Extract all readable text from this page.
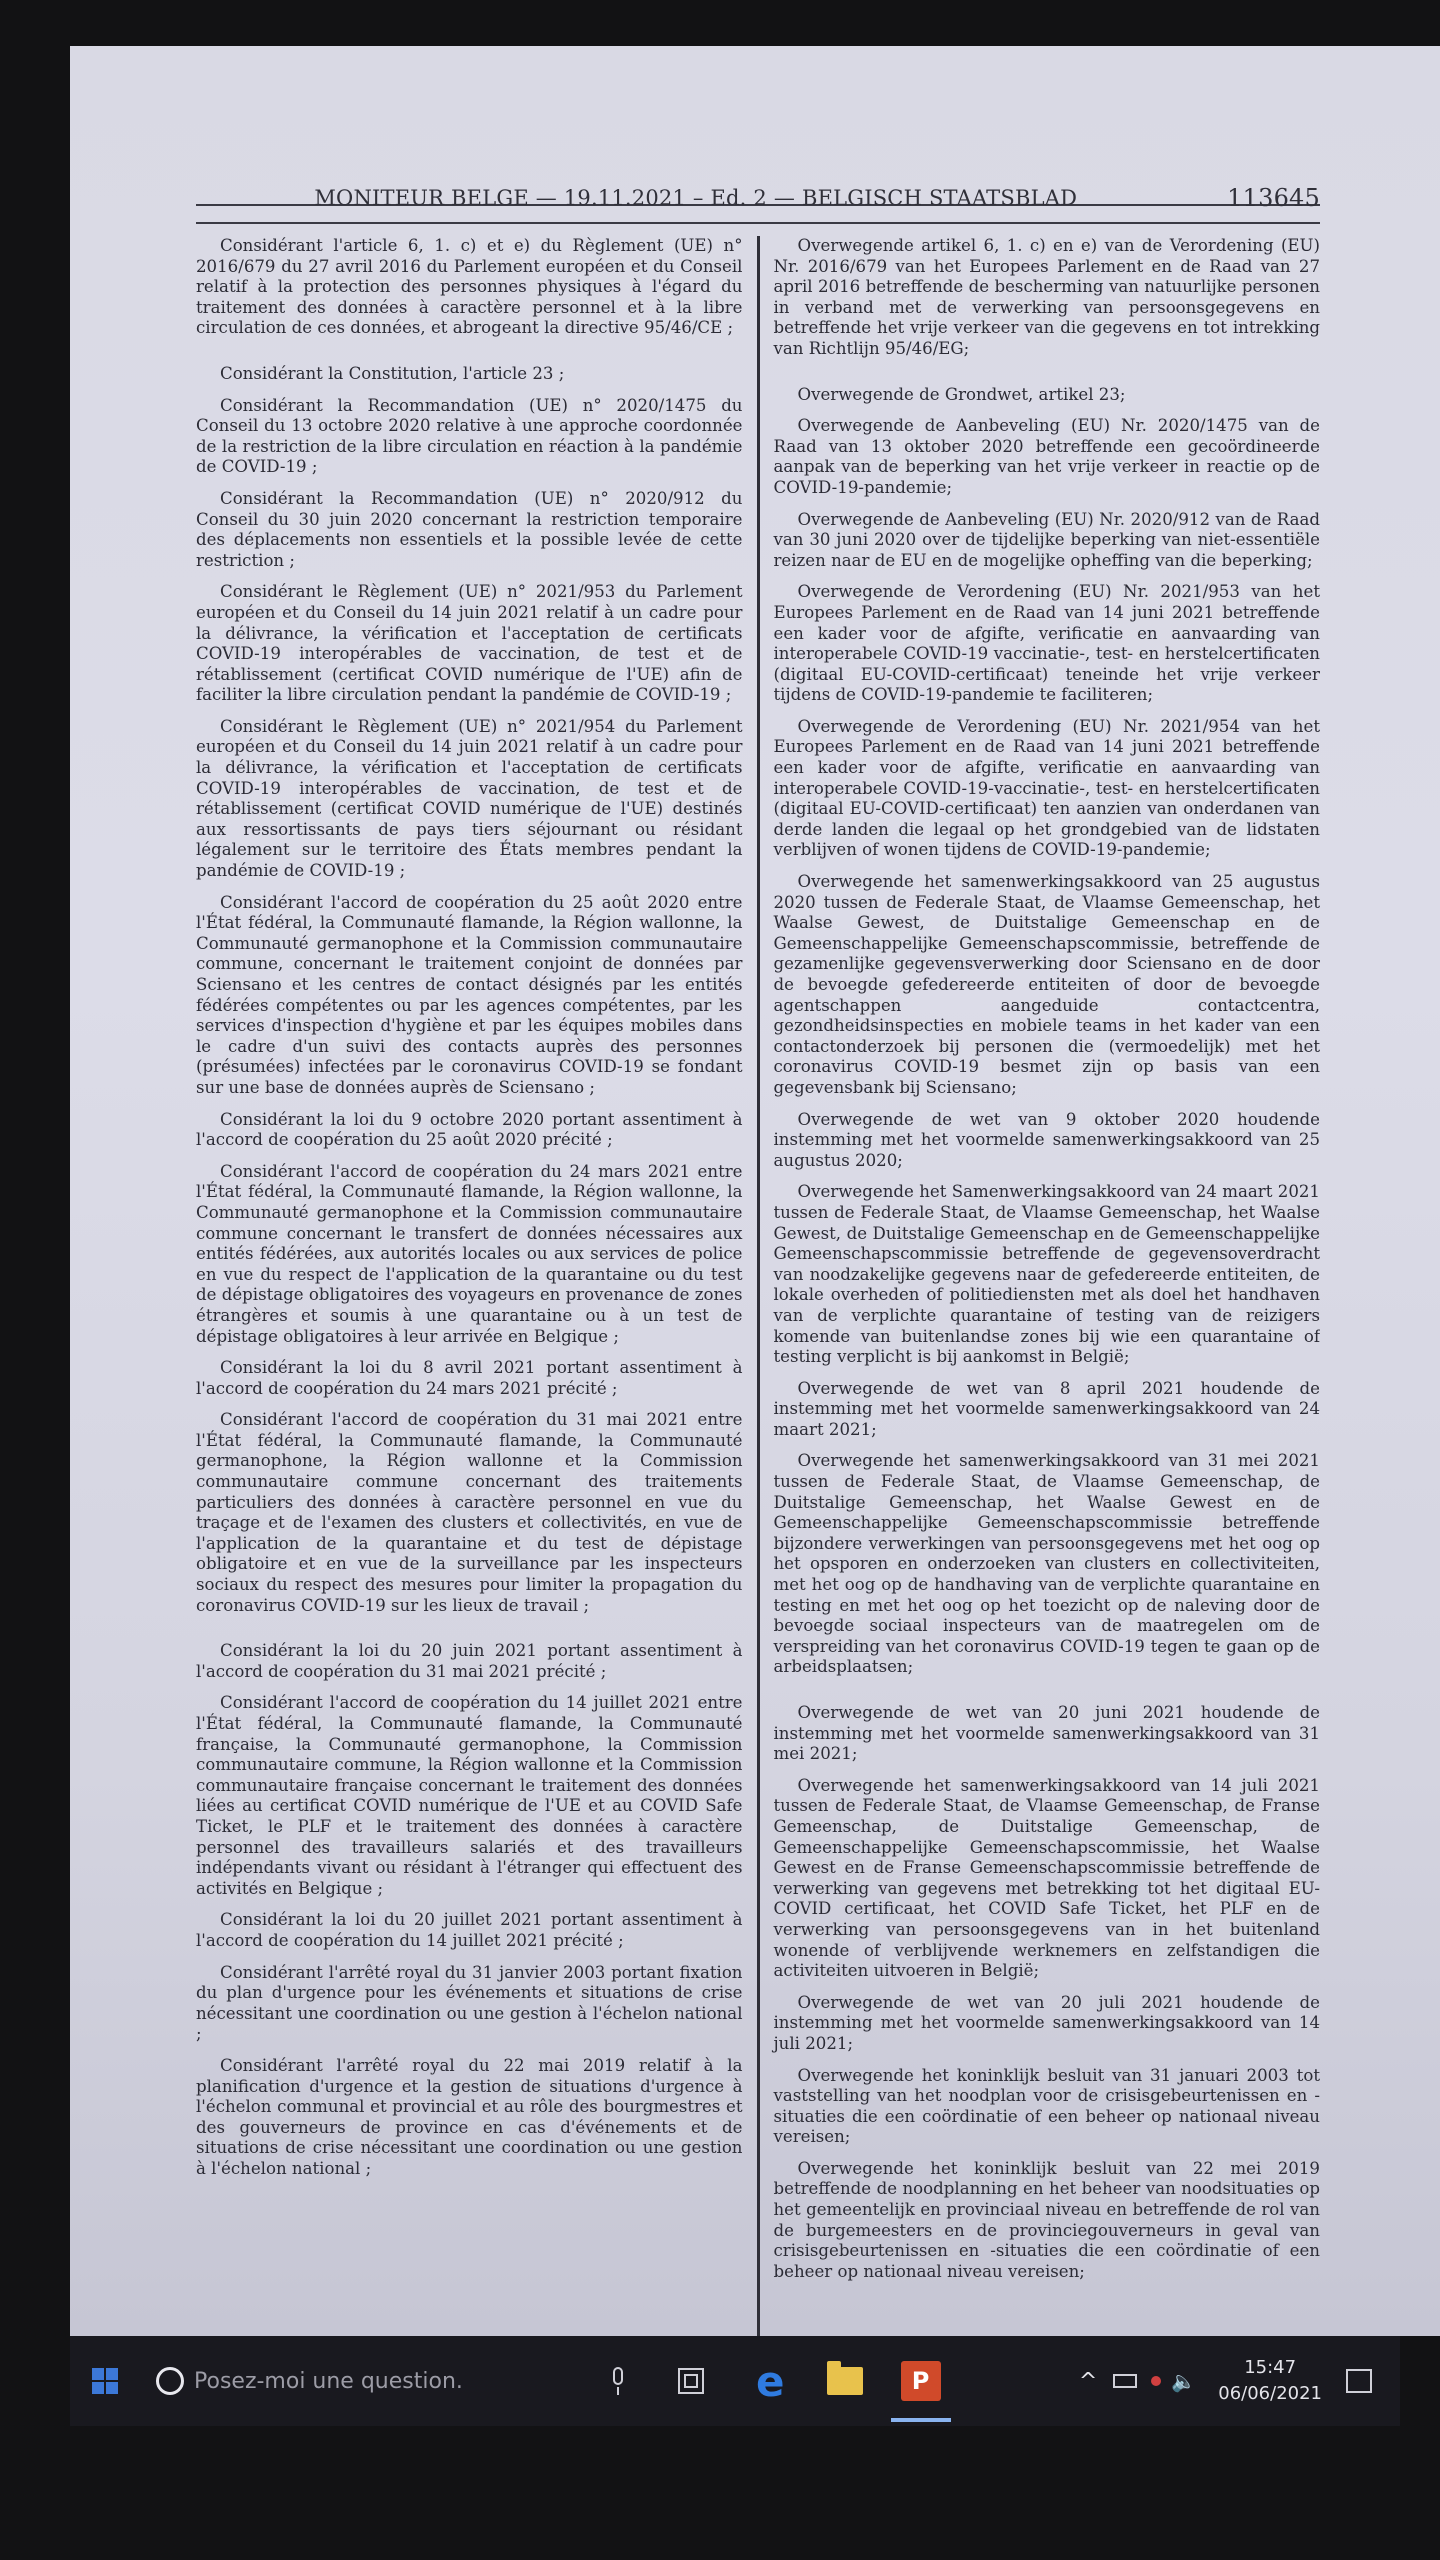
MONITEUR BELGE — 19.11.2021 – Ed. 2 — BELGISCH STAATSBLAD	113645

Considérant l'article 6, 1. c) et e) du Règlement (UE) n° 2016/679 du 27 avril 2016 du Parlement européen et du Conseil relatif à la protection des personnes physiques à l'égard du traitement des données à caractère personnel et à la libre circulation de ces données, et abrogeant la directive 95/46/CE ;

Considérant la Constitution, l'article 23 ;

Considérant la Recommandation (UE) n° 2020/1475 du Conseil du 13 octobre 2020 relative à une approche coordonnée de la restriction de la libre circulation en réaction à la pandémie de COVID-19 ;

Considérant la Recommandation (UE) n° 2020/912 du Conseil du 30 juin 2020 concernant la restriction temporaire des déplacements non essentiels et la possible levée de cette restriction ;

Considérant le Règlement (UE) n° 2021/953 du Parlement européen et du Conseil du 14 juin 2021 relatif à un cadre pour la délivrance, la vérification et l'acceptation de certificats COVID-19 interopérables de vaccination, de test et de rétablissement (certificat COVID numérique de l'UE) afin de faciliter la libre circulation pendant la pandémie de COVID-19 ;

Considérant le Règlement (UE) n° 2021/954 du Parlement européen et du Conseil du 14 juin 2021 relatif à un cadre pour la délivrance, la vérification et l'acceptation de certificats COVID-19 interopérables de vaccination, de test et de rétablissement (certificat COVID numérique de l'UE) destinés aux ressortissants de pays tiers séjournant ou résidant légalement sur le territoire des États membres pendant la pandémie de COVID-19 ;

Considérant l'accord de coopération du 25 août 2020 entre l'État fédéral, la Communauté flamande, la Région wallonne, la Communauté germanophone et la Commission communautaire commune, concernant le traitement conjoint de données par Sciensano et les centres de contact désignés par les entités fédérées compétentes ou par les agences compétentes, par les services d'inspection d'hygiène et par les équipes mobiles dans le cadre d'un suivi des contacts auprès des personnes (présumées) infectées par le coronavirus COVID-19 se fondant sur une base de données auprès de Sciensano ;

Considérant la loi du 9 octobre 2020 portant assentiment à l'accord de coopération du 25 août 2020 précité ;

Considérant l'accord de coopération du 24 mars 2021 entre l'État fédéral, la Communauté flamande, la Région wallonne, la Communauté germanophone et la Commission communautaire commune concernant le transfert de données nécessaires aux entités fédérées, aux autorités locales ou aux services de police en vue du respect de l'application de la quarantaine ou du test de dépistage obligatoires des voyageurs en provenance de zones étrangères et soumis à une quarantaine ou à un test de dépistage obligatoires à leur arrivée en Belgique ;

Considérant la loi du 8 avril 2021 portant assentiment à l'accord de coopération du 24 mars 2021 précité ;

Considérant l'accord de coopération du 31 mai 2021 entre l'État fédéral, la Communauté flamande, la Communauté germanophone, la Région wallonne et la Commission communautaire commune concernant des traitements particuliers des données à caractère personnel en vue du traçage et de l'examen des clusters et collectivités, en vue de l'application de la quarantaine et du test de dépistage obligatoire et en vue de la surveillance par les inspecteurs sociaux du respect des mesures pour limiter la propagation du coronavirus COVID-19 sur les lieux de travail ;

Considérant la loi du 20 juin 2021 portant assentiment à l'accord de coopération du 31 mai 2021 précité ;

Considérant l'accord de coopération du 14 juillet 2021 entre l'État fédéral, la Communauté flamande, la Communauté française, la Communauté germanophone, la Commission communautaire commune, la Région wallonne et la Commission communautaire française concernant le traitement des données liées au certificat COVID numérique de l'UE et au COVID Safe Ticket, le PLF et le traitement des données à caractère personnel des travailleurs salariés et des travailleurs indépendants vivant ou résidant à l'étranger qui effectuent des activités en Belgique ;

Considérant la loi du 20 juillet 2021 portant assentiment à l'accord de coopération du 14 juillet 2021 précité ;

Considérant l'arrêté royal du 31 janvier 2003 portant fixation du plan d'urgence pour les événements et situations de crise nécessitant une coordination ou une gestion à l'échelon national ;

Considérant l'arrêté royal du 22 mai 2019 relatif à la planification d'urgence et la gestion de situations d'urgence à l'échelon communal et provincial et au rôle des bourgmestres et des gouverneurs de province en cas d'événements et de situations de crise nécessitant une coordination ou une gestion à l'échelon national ;

Overwegende artikel 6, 1. c) en e) van de Verordening (EU) Nr. 2016/679 van het Europees Parlement en de Raad van 27 april 2016 betreffende de bescherming van natuurlijke personen in verband met de verwerking van persoonsgegevens en betreffende het vrije verkeer van die gegevens en tot intrekking van Richtlijn 95/46/EG;

Overwegende de Grondwet, artikel 23;

Overwegende de Aanbeveling (EU) Nr. 2020/1475 van de Raad van 13 oktober 2020 betreffende een gecoördineerde aanpak van de beperking van het vrije verkeer in reactie op de COVID-19-pandemie;

Overwegende de Aanbeveling (EU) Nr. 2020/912 van de Raad van 30 juni 2020 over de tijdelijke beperking van niet-essentiële reizen naar de EU en de mogelijke opheffing van die beperking;

Overwegende de Verordening (EU) Nr. 2021/953 van het Europees Parlement en de Raad van 14 juni 2021 betreffende een kader voor de afgifte, verificatie en aanvaarding van interoperabele COVID-19 vaccinatie-, test- en herstelcertificaten (digitaal EU-COVID-certificaat) teneinde het vrije verkeer tijdens de COVID-19-pandemie te faciliteren;

Overwegende de Verordening (EU) Nr. 2021/954 van het Europees Parlement en de Raad van 14 juni 2021 betreffende een kader voor de afgifte, verificatie en aanvaarding van interoperabele COVID-19-vaccinatie-, test- en herstelcertificaten (digitaal EU-COVID-certificaat) ten aanzien van onderdanen van derde landen die legaal op het grondgebied van de lidstaten verblijven of wonen tijdens de COVID-19-pandemie;

Overwegende het samenwerkingsakkoord van 25 augustus 2020 tussen de Federale Staat, de Vlaamse Gemeenschap, het Waalse Gewest, de Duitstalige Gemeenschap en de Gemeenschappelijke Gemeenschapscommissie, betreffende de gezamenlijke gegevensverwerking door Sciensano en de door de bevoegde gefedereerde entiteiten of door de bevoegde agentschappen aangeduide contactcentra, gezondheidsinspecties en mobiele teams in het kader van een contactonderzoek bij personen die (vermoedelijk) met het coronavirus COVID-19 besmet zijn op basis van een gegevensbank bij Sciensano;

Overwegende de wet van 9 oktober 2020 houdende instemming met het voormelde samenwerkingsakkoord van 25 augustus 2020;

Overwegende het Samenwerkingsakkoord van 24 maart 2021 tussen de Federale Staat, de Vlaamse Gemeenschap, het Waalse Gewest, de Duitstalige Gemeenschap en de Gemeenschappelijke Gemeenschapscommissie betreffende de gegevensoverdracht van noodzakelijke gegevens naar de gefedereerde entiteiten, de lokale overheden of politiediensten met als doel het handhaven van de verplichte quarantaine of testing van de reizigers komende van buitenlandse zones bij wie een quarantaine of testing verplicht is bij aankomst in België;

Overwegende de wet van 8 april 2021 houdende de instemming met het voormelde samenwerkingsakkoord van 24 maart 2021;

Overwegende het samenwerkingsakkoord van 31 mei 2021 tussen de Federale Staat, de Vlaamse Gemeenschap, de Duitstalige Gemeenschap, het Waalse Gewest en de Gemeenschappelijke Gemeenschapscommissie betreffende bijzondere verwerkingen van persoonsgegevens met het oog op het opsporen en onderzoeken van clusters en collectiviteiten, met het oog op de handhaving van de verplichte quarantaine en testing en met het oog op het toezicht op de naleving door de bevoegde sociaal inspecteurs van de maatregelen om de verspreiding van het coronavirus COVID-19 tegen te gaan op de arbeidsplaatsen;

Overwegende de wet van 20 juni 2021 houdende de instemming met het voormelde samenwerkingsakkoord van 31 mei 2021;

Overwegende het samenwerkingsakkoord van 14 juli 2021 tussen de Federale Staat, de Vlaamse Gemeenschap, de Franse Gemeenschap, de Duitstalige Gemeenschap, de Gemeenschappelijke Gemeenschapscommissie, het Waalse Gewest en de Franse Gemeenschapscommissie betreffende de verwerking van gegevens met betrekking tot het digitaal EU-COVID certificaat, het COVID Safe Ticket, het PLF en de verwerking van persoonsgegevens van in het buitenland wonende of verblijvende werknemers en zelfstandigen die activiteiten uitvoeren in België;

Overwegende de wet van 20 juli 2021 houdende de instemming met het voormelde samenwerkingsakkoord van 14 juli 2021;

Overwegende het koninklijk besluit van 31 januari 2003 tot vaststelling van het noodplan voor de crisisgebeurtenissen en -situaties die een coördinatie of een beheer op nationaal niveau vereisen;

Overwegende het koninklijk besluit van 22 mei 2019 betreffende de noodplanning en het beheer van noodsituaties op het gemeentelijk en provinciaal niveau en betreffende de rol van de burgemeesters en de provinciegouverneurs in geval van crisisgebeurtenissen en -situaties die een coördinatie of een beheer op nationaal niveau vereisen;

Posez-moi une question.	e	P	^	🔈
15:47
06/06/2021
